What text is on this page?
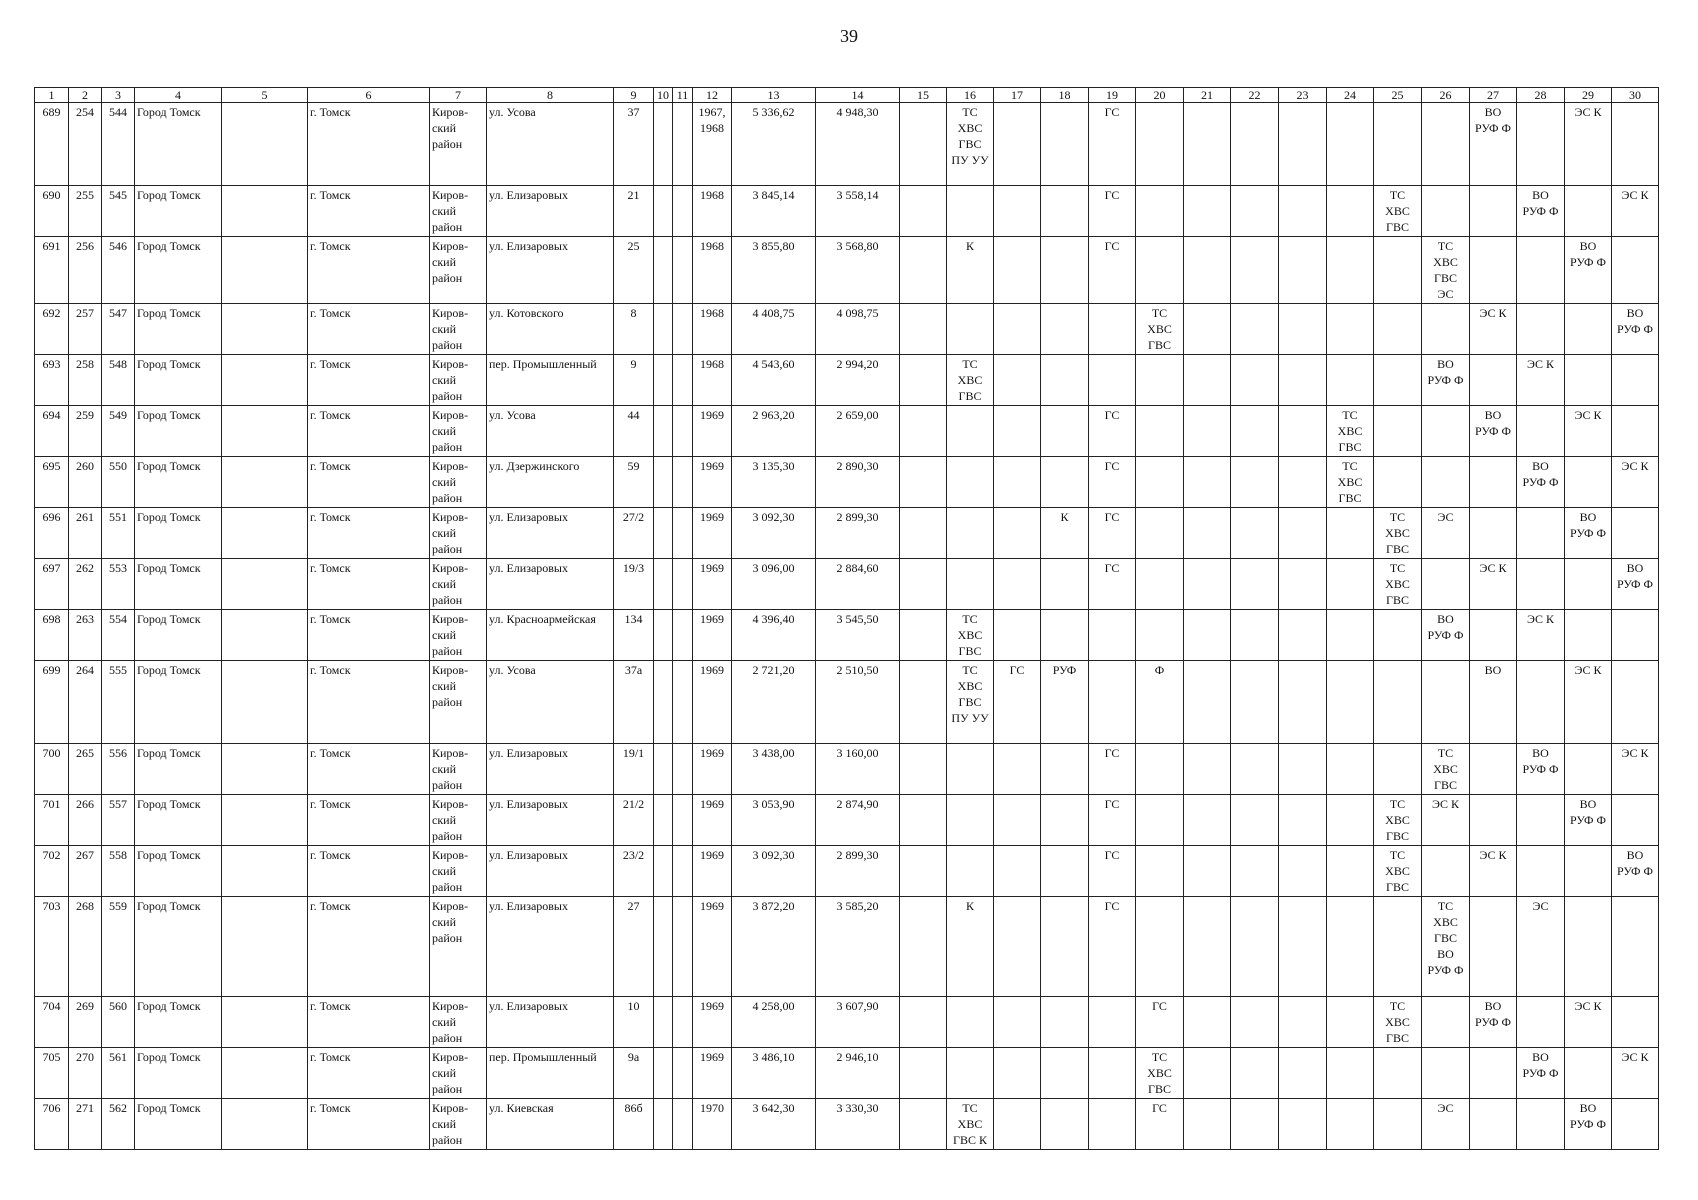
39
1	2	3	4	5	6	7	8	9	10	11	12	13	14	15	16	17	18	19	20	21	22	23	24	25	26	27	28	29	30
689	254	544	Город Томск		г. Томск	Киров-
ский
район	ул. Усова	37			1967,
1968	5 336,62	4 948,30		ТС
ХВС
ГВС
ПУ УУ			ГС								ВО
РУФ Ф		ЭС К	
690	255	545	Город Томск		г. Томск	Киров-
ский
район	ул. Елизаровых	21			1968	3 845,14	3 558,14					ГС						ТС
ХВС
ГВС			ВО
РУФ Ф		ЭС К
691	256	546	Город Томск		г. Томск	Киров-
ский
район	ул. Елизаровых	25			1968	3 855,80	3 568,80		К			ГС							ТС
ХВС
ГВС
ЭС			ВО
РУФ Ф	
692	257	547	Город Томск		г. Томск	Киров-
ский
район	ул. Котовского	8			1968	4 408,75	4 098,75						ТС
ХВС
ГВС							ЭС К			ВО
РУФ Ф
693	258	548	Город Томск		г. Томск	Киров-
ский
район	пер. Промышленный	9			1968	4 543,60	2 994,20		ТС
ХВС
ГВС										ВО
РУФ Ф		ЭС К		
694	259	549	Город Томск		г. Томск	Киров-
ский
район	ул. Усова	44			1969	2 963,20	2 659,00					ГС					ТС
ХВС
ГВС			ВО
РУФ Ф		ЭС К	
695	260	550	Город Томск		г. Томск	Киров-
ский
район	ул. Дзержинского	59			1969	3 135,30	2 890,30					ГС					ТС
ХВС
ГВС				ВО
РУФ Ф		ЭС К
696	261	551	Город Томск		г. Томск	Киров-
ский
район	ул. Елизаровых	27/2			1969	3 092,30	2 899,30				К	ГС						ТС
ХВС
ГВС	ЭС			ВО
РУФ Ф	
697	262	553	Город Томск		г. Томск	Киров-
ский
район	ул. Елизаровых	19/3			1969	3 096,00	2 884,60					ГС						ТС
ХВС
ГВС		ЭС К			ВО
РУФ Ф
698	263	554	Город Томск		г. Томск	Киров-
ский
район	ул. Красноармейская	134			1969	4 396,40	3 545,50		ТС
ХВС
ГВС										ВО
РУФ Ф		ЭС К		
699	264	555	Город Томск		г. Томск	Киров-
ский
район	ул. Усова	37а			1969	2 721,20	2 510,50		ТС
ХВС
ГВС
ПУ УУ	ГС	РУФ		Ф							ВО		ЭС К	
700	265	556	Город Томск		г. Томск	Киров-
ский
район	ул. Елизаровых	19/1			1969	3 438,00	3 160,00					ГС							ТС
ХВС
ГВС		ВО
РУФ Ф		ЭС К
701	266	557	Город Томск		г. Томск	Киров-
ский
район	ул. Елизаровых	21/2			1969	3 053,90	2 874,90					ГС						ТС
ХВС
ГВС	ЭС К			ВО
РУФ Ф	
702	267	558	Город Томск		г. Томск	Киров-
ский
район	ул. Елизаровых	23/2			1969	3 092,30	2 899,30					ГС						ТС
ХВС
ГВС		ЭС К			ВО
РУФ Ф
703	268	559	Город Томск		г. Томск	Киров-
ский
район	ул. Елизаровых	27			1969	3 872,20	3 585,20		К			ГС							ТС
ХВС
ГВС
ВО
РУФ Ф		ЭС		
704	269	560	Город Томск		г. Томск	Киров-
ский
район	ул. Елизаровых	10			1969	4 258,00	3 607,90						ГС					ТС
ХВС
ГВС		ВО
РУФ Ф		ЭС К	
705	270	561	Город Томск		г. Томск	Киров-
ский
район	пер. Промышленный	9а			1969	3 486,10	2 946,10						ТС
ХВС
ГВС								ВО
РУФ Ф		ЭС К
706	271	562	Город Томск		г. Томск	Киров-
ский
район	ул. Киевская	86б			1970	3 642,30	3 330,30		ТС
ХВС
ГВС К				ГС						ЭС			ВО
РУФ Ф	
